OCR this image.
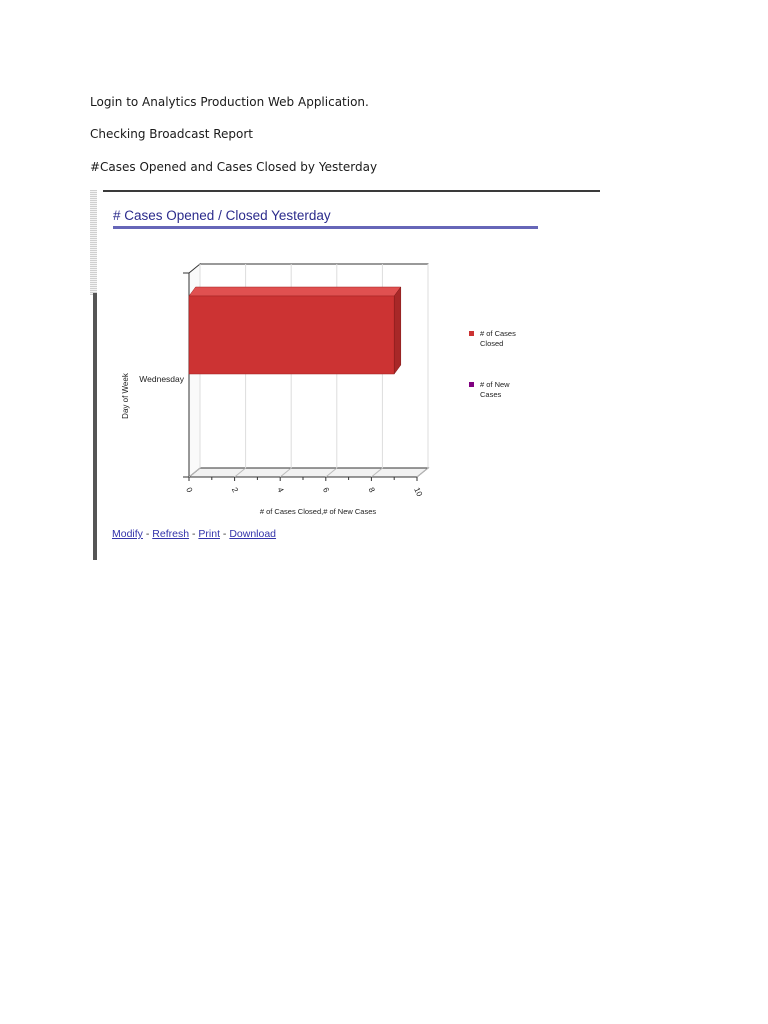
Login to Analytics Production Web Application.

Checking Broadcast Report

#Cases Opened and Cases Closed by Yesterday

# Cases Opened / Closed Yesterday
Wednesday
Day of Week
0	2	4	6	8	10
# of Cases Closed,# of New Cases
# of Cases
Closed
# of New
Cases
Modify - Refresh - Print - Download
